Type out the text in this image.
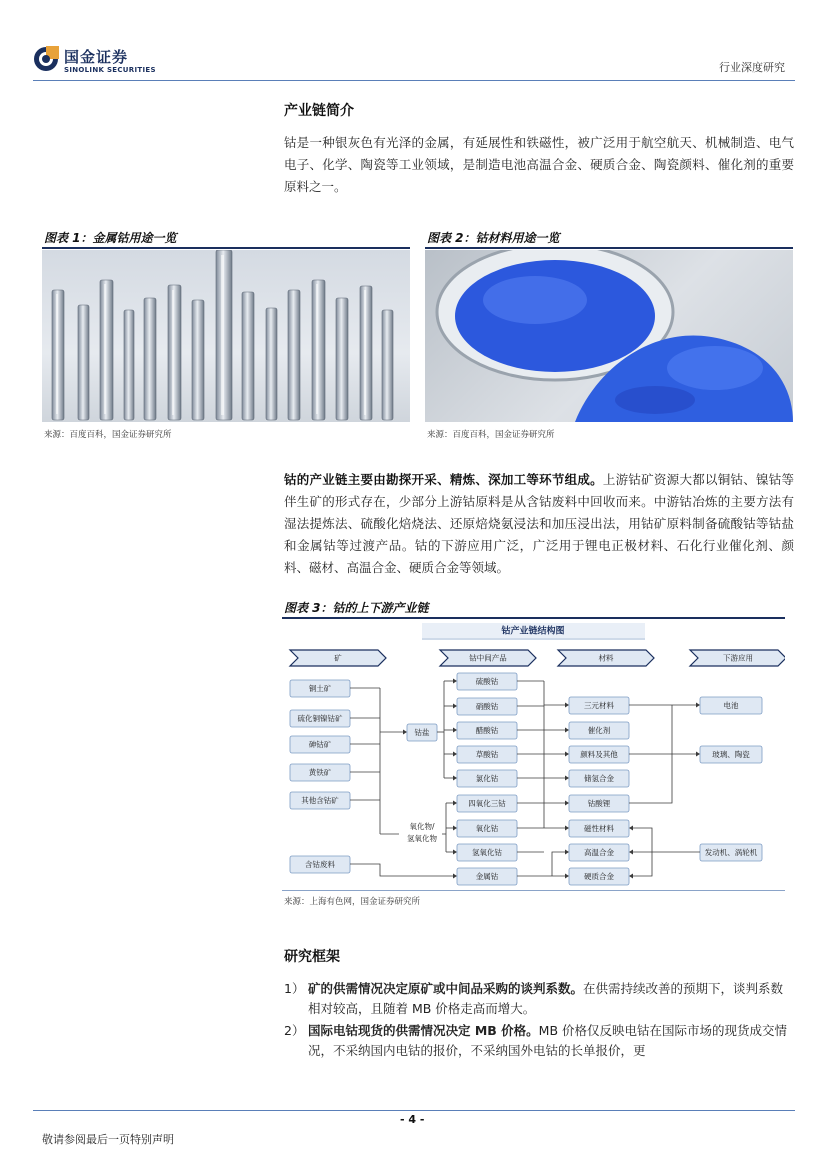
国金证券
SINOLINK SECURITIES	行业深度研究
产业链简介
钴是一种银灰色有光泽的金属，有延展性和铁磁性，被广泛用于航空航天、机械制造、电气电子、化学、陶瓷等工业领域，是制造电池高温合金、硬质合金、陶瓷颜料、催化剂的重要原料之一。
图表 1：金属钴用途一览
来源：百度百科，国金证券研究所
图表 2：钴材料用途一览
来源：百度百科，国金证券研究所
钴的产业链主要由勘探开采、精炼、深加工等环节组成。上游钴矿资源大都以铜钴、镍钴等伴生矿的形式存在，少部分上游钴原料是从含钴废料中回收而来。中游钴冶炼的主要方法有湿法提炼法、硫酸化焙烧法、还原焙烧氨浸法和加压浸出法，用钴矿原料制备硫酸钴等钴盐和金属钴等过渡产品。钴的下游应用广泛，广泛用于锂电正极材料、石化行业催化剂、颜料、磁材、高温合金、硬质合金等领域。
图表 3：钴的上下游产业链
钴产业链结构图
矿	钴中间产品	材料	下游应用
铜土矿
硫化铜镍钴矿
砷钴矿
黄铁矿
其他含钴矿
含钴废料
钴盐
氧化物/
氢氧化物
硫酸钴
硝酸钴
醋酸钴
草酸钴
氯化钴
四氧化三钴
氧化钴
氢氧化钴
金属钴
三元材料
催化剂
颜料及其他
储氢合金
钴酸锂
磁性材料
高温合金
硬质合金
电池
玻璃、陶瓷
发动机、涡轮机
来源：上海有色网，国金证券研究所
研究框架
1） 矿的供需情况决定原矿或中间品采购的谈判系数。在供需持续改善的预期下，谈判系数相对较高，且随着 MB 价格走高而增大。
2） 国际电钴现货的供需情况决定 MB 价格。MB 价格仅反映电钴在国际市场的现货成交情况，不采纳国内电钴的报价，不采纳国外电钴的长单报价，更
- 4 -
敬请参阅最后一页特别声明
